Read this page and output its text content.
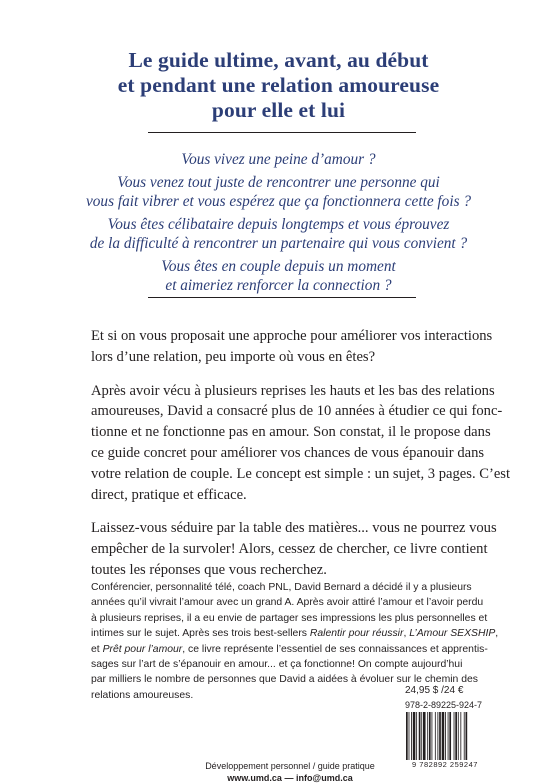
Le guide ultime, avant, au début
et pendant une relation amoureuse
pour elle et lui
Vous vivez une peine d’amour ?
Vous venez tout juste de rencontrer une personne qui
vous fait vibrer et vous espérez que ça fonctionnera cette fois ?
Vous êtes célibataire depuis longtemps et vous éprouvez
de la difficulté à rencontrer un partenaire qui vous convient ?
Vous êtes en couple depuis un moment
et aimeriez renforcer la connection ?

Et si on vous proposait une approche pour améliorer vos interactions
lors d’une relation, peu importe où vous en êtes?

Après avoir vécu à plusieurs reprises les hauts et les bas des relations
amoureuses, David a consacré plus de 10 années à étudier ce qui fonc-
tionne et ne fonctionne pas en amour. Son constat, il le propose dans
ce guide concret pour améliorer vos chances de vous épanouir dans
votre relation de couple. Le concept est simple : un sujet, 3 pages. C’est
direct, pratique et efficace.

Laissez-vous séduire par la table des matières... vous ne pourrez vous
empêcher de la survoler! Alors, cessez de chercher, ce livre contient
toutes les réponses que vous recherchez.

Conférencier, personnalité télé, coach PNL, David Bernard a décidé il y a plusieurs
années qu’il vivrait l’amour avec un grand A. Après avoir attiré l’amour et l’avoir perdu
à plusieurs reprises, il a eu envie de partager ses impressions les plus personnelles et
intimes sur le sujet. Après ses trois best-sellers Ralentir pour réussir, L’Amour SEXSHIP,
et Prêt pour l’amour, ce livre représente l’essentiel de ses connaissances et apprentis-
sages sur l’art de s’épanouir en amour... et ça fonctionne! On compte aujourd’hui
par milliers le nombre de personnes que David a aidées à évoluer sur le chemin des
relations amoureuses.	24,95 $ /24 €
978-2-89225-924-7
9 782892 259247
Développement personnel / guide pratique
www.umd.ca — info@umd.ca
